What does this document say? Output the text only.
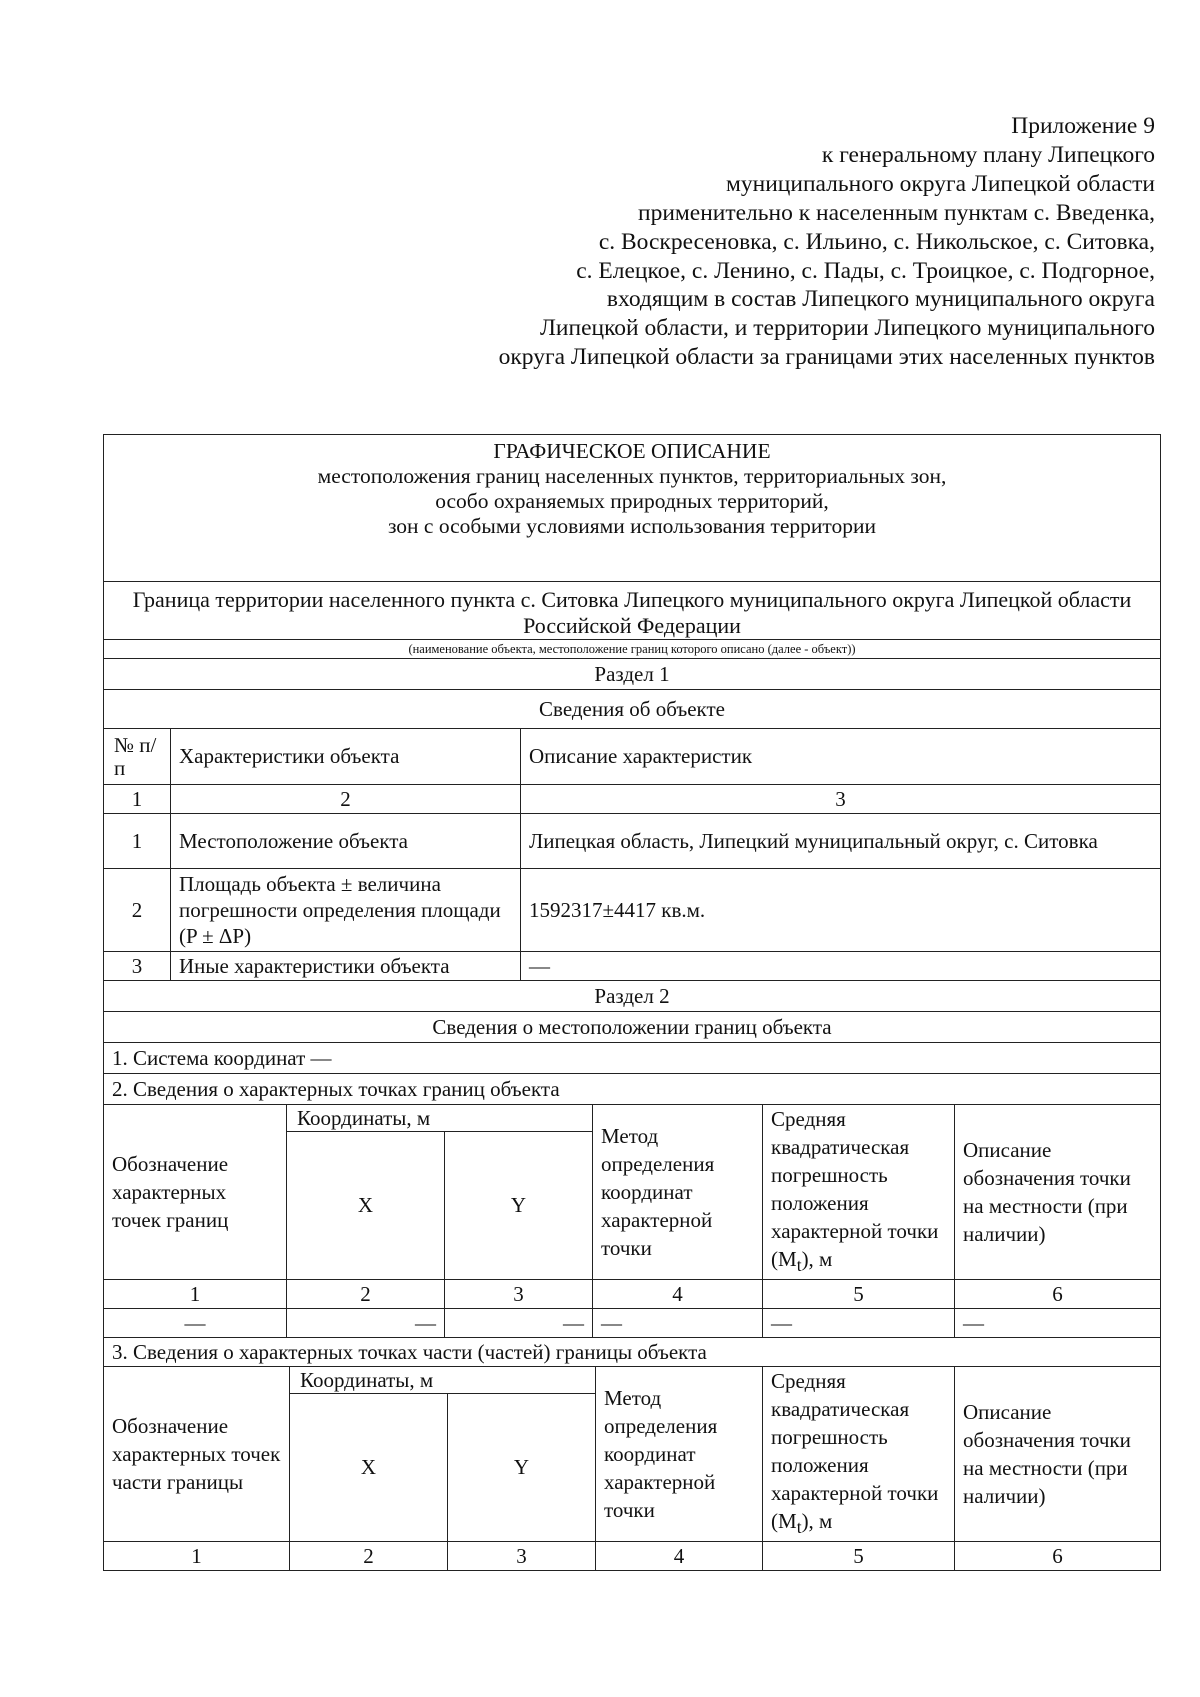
Приложение 9
к генеральному плану Липецкого
муниципального округа Липецкой области
применительно к населенным пунктам с. Введенка,
с. Воскресеновка, с. Ильино, с. Никольское, с. Ситовка,
с. Елецкое, с. Ленино, с. Пады, с. Троицкое, с. Подгорное,
входящим в состав Липецкого муниципального округа
Липецкой области, и территории Липецкого муниципального
округа Липецкой области за границами этих населенных пунктов
ГРАФИЧЕСКОЕ ОПИСАНИЕ
местоположения границ населенных пунктов, территориальных зон,
особо охраняемых природных территорий,
зон с особыми условиями использования территории

Граница территории населенного пункта с. Ситовка Липецкого муниципального округа Липецкой области Российской Федерации
(наименование объекта, местоположение границ которого описано (далее - объект))
Раздел 1
Сведения об объекте
№ п/п	Характеристики объекта	Описание характеристик
1	2	3
1	Местоположение объекта	Липецкая область, Липецкий муниципальный округ, с. Ситовка
2	Площадь объекта ± величина погрешности определения площади (P ± ΔP)	1592317±4417 кв.м.
3	Иные характеристики объекта	—
Раздел 2
Сведения о местоположении границ объекта
1. Система координат —
2. Сведения о характерных точках границ объекта
Обозначение характерных точек границ	Координаты, м		Метод определения координат характерной точки	Средняя квадратическая погрешность положения характерной точки $(M_t)$, м	Описание обозначения точки на местности (при наличии)
	X	Y			
1	2	3	4	5	6
—	—	—	—	—	—
3. Сведения о характерных точках части (частей) границы объекта
Обозначение характерных точек части границы	Координаты, м		Метод определения координат характерной точки	Средняя квадратическая погрешность положения характерной точки $(M_t)$, м	Описание обозначения точки на местности (при наличии)
	X	Y			
1	2	3	4	5	6
